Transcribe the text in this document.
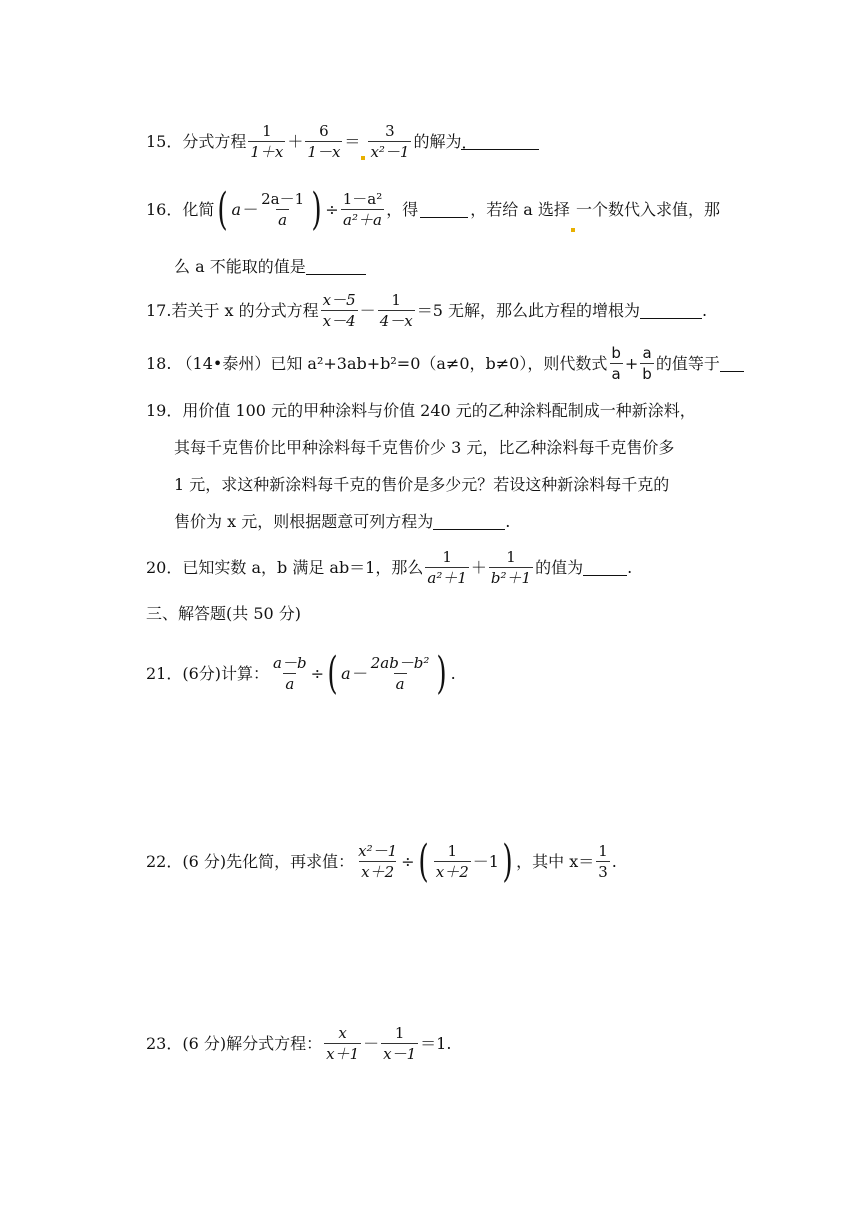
15．分式方程 $\frac{1}{1+x} + \frac{6}{1-x} = \frac{3}{\text{x²－1}}$ 的解为 ．
16．化简 ( $a- \frac{2a-1}{a}$ ) ÷ $\frac{\text{1－a²}}{\text{a²＋a}}$ ，得	，若给 a 选择 一个数代入求值，那
么 a 不能取的值是
17.若关于 x 的分式方程 $\frac{x-5}{x-4} - \frac{1}{4-x} =5$ 无解，那么此方程的增根为	.
18. （14•泰州）已知 a²+3ab+b²=0（a≠0，b≠0），则代数式 $\frac{b}{a} + \frac{a}{b}$ 的值等于
19．用价值 100 元的甲种涂料与价值 240 元的乙种涂料配制成一种新涂料，
其每千克售价比甲种涂料每千克售价少 3 元，比乙种涂料每千克售价多
1 元，求这种新涂料每千克的售价是多少元？若设这种新涂料每千克的
售价为 x 元，则根据题意可列方程为	.
20．已知实数 a，b 满足 ab＝1，那么 $\frac{1}{\text{a²＋1}} + \frac{1}{\text{b²＋1}}$ 的值为	.
三、解答题(共 50 分)
21．(6分)计算： $\frac{a-b}{a}$ ÷ ( $a- \frac{\text{2ab－b²}}{a}$ ) .
22．(6 分)先化简，再求值： $\frac{\text{x²－1}}{x+2}$ ÷ ( $\frac{1}{x+2} -1$ ) ，其中 $x= \frac{1}{3}$ .
23．(6 分)解分式方程： $\frac{x}{x+1} - \frac{1}{x-1} =1$.
